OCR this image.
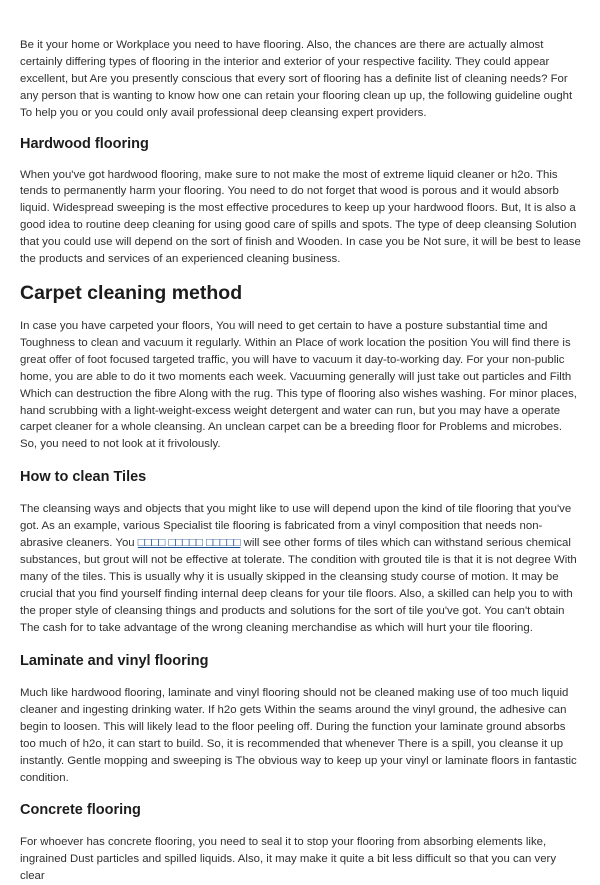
Be it your home or Workplace you need to have flooring. Also, the chances are there are actually almost certainly differing types of flooring in the interior and exterior of your respective facility. They could appear excellent, but Are you presently conscious that every sort of flooring has a definite list of cleaning needs? For any person that is wanting to know how one can retain your flooring clean up up, the following guideline ought To help you or you could only avail professional deep cleansing expert providers.

Hardwood flooring

When you've got hardwood flooring, make sure to not make the most of extreme liquid cleaner or h2o. This tends to permanently harm your flooring. You need to do not forget that wood is porous and it would absorb liquid. Widespread sweeping is the most effective procedures to keep up your hardwood floors. But, It is also a good idea to routine deep cleaning for using good care of spills and spots. The type of deep cleansing Solution that you could use will depend on the sort of finish and Wooden. In case you be Not sure, it will be best to lease the products and services of an experienced cleaning business.

Carpet cleaning method

In case you have carpeted your floors, You will need to get certain to have a posture substantial time and Toughness to clean and vacuum it regularly. Within an Place of work location the position You will find there is great offer of foot focused targeted traffic, you will have to vacuum it day-to-working day. For your non-public home, you are able to do it two moments each week. Vacuuming generally will just take out particles and Filth Which can destruction the fibre Along with the rug. This type of flooring also wishes washing. For minor places, hand scrubbing with a light-weight-excess weight detergent and water can run, but you may have a operate carpet cleaner for a whole cleansing. An unclean carpet can be a breeding floor for Problems and microbes. So, you need to not look at it frivolously.

How to clean Tiles

The cleansing ways and objects that you might like to use will depend upon the kind of tile flooring that you've got. As an example, various Specialist tile flooring is fabricated from a vinyl composition that needs non-abrasive cleaners. You □□□□ □□□□□ □□□□□ will see other forms of tiles which can withstand serious chemical substances, but grout will not be effective at tolerate. The condition with grouted tile is that it is not degree With many of the tiles. This is usually why it is usually skipped in the cleansing study course of motion. It may be crucial that you find yourself finding internal deep cleans for your tile floors. Also, a skilled can help you to with the proper style of cleansing things and products and solutions for the sort of tile you've got. You can't obtain The cash for to take advantage of the wrong cleaning merchandise as which will hurt your tile flooring.

Laminate and vinyl flooring

Much like hardwood flooring, laminate and vinyl flooring should not be cleaned making use of too much liquid cleaner and ingesting drinking water. If h2o gets Within the seams around the vinyl ground, the adhesive can begin to loosen. This will likely lead to the floor peeling off. During the function your laminate ground absorbs too much of h2o, it can start to build. So, it is recommended that whenever There is a spill, you cleanse it up instantly. Gentle mopping and sweeping is The obvious way to keep up your vinyl or laminate floors in fantastic condition.

Concrete flooring

For whoever has concrete flooring, you need to seal it to stop your flooring from absorbing elements like, ingrained Dust particles and spilled liquids. Also, it may make it quite a bit less difficult so that you can very clear
